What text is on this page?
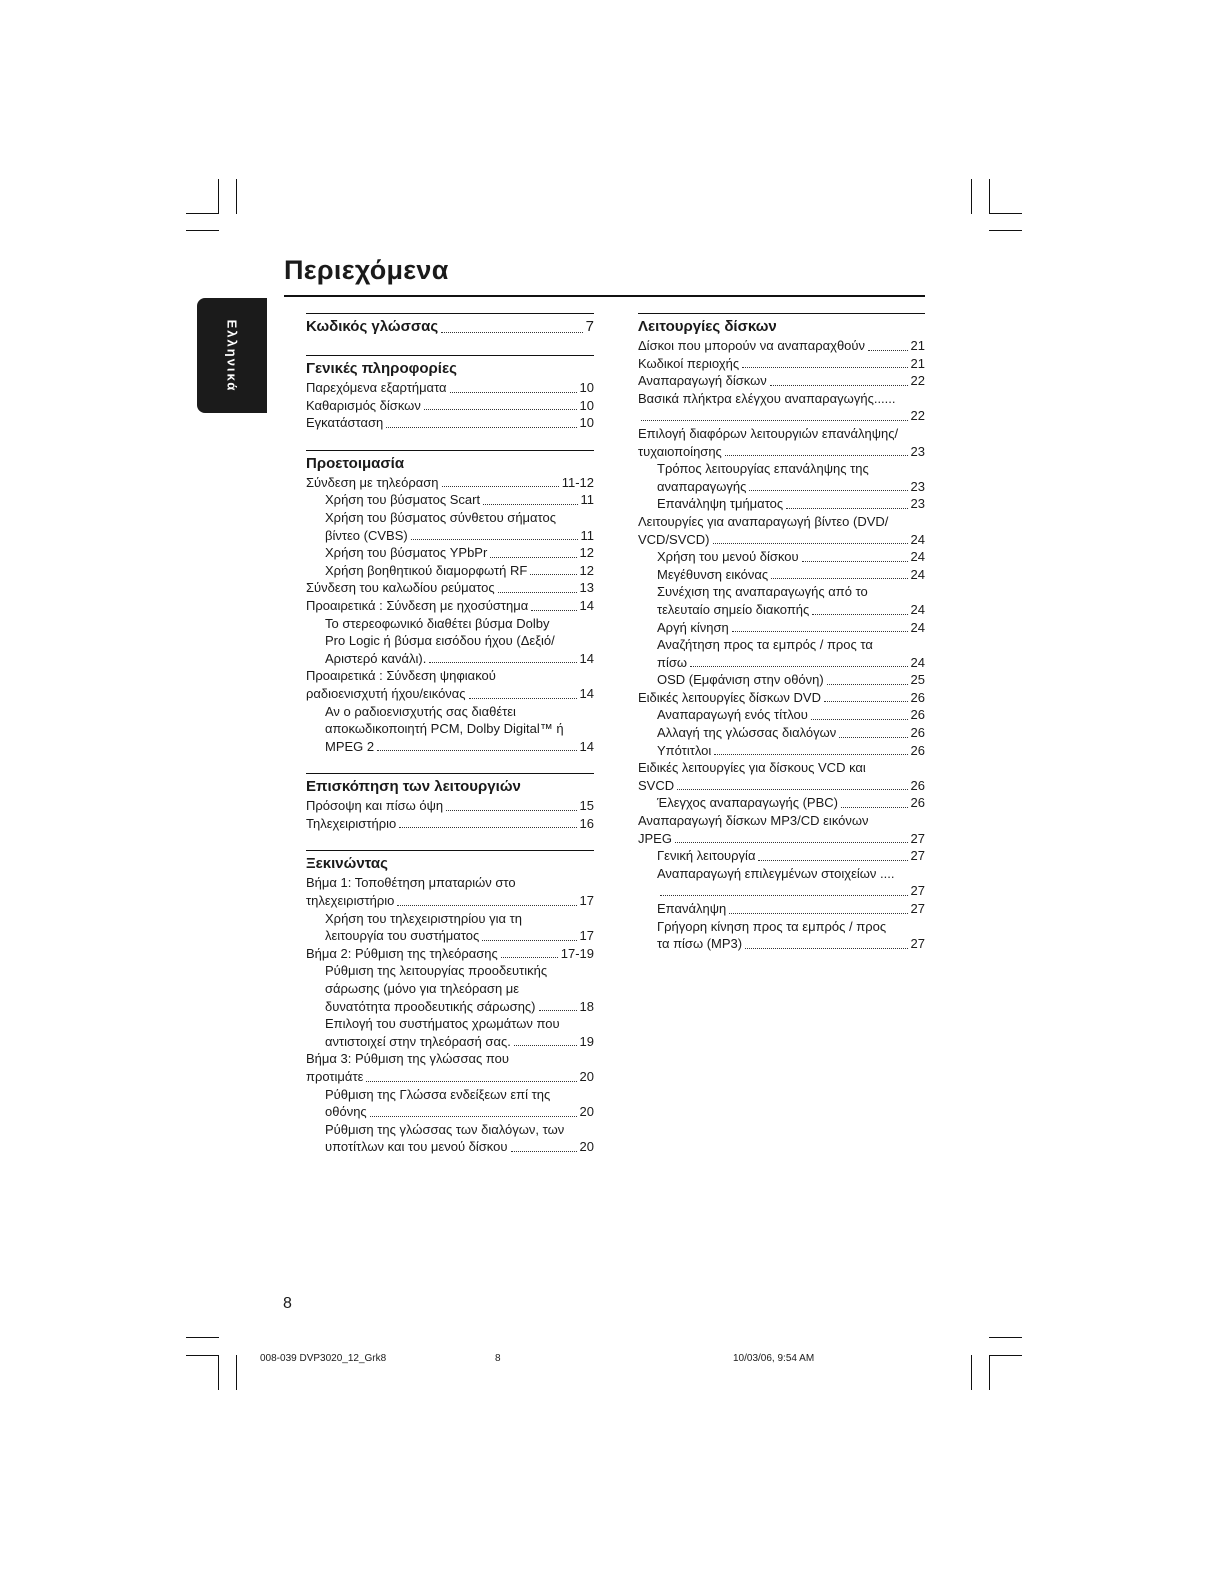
Περιεχόμενα
Ελληνικά	Κωδικός γλώσσας	7
Γενικές πληροφορίες
Παρεχόμενα εξαρτήματα	10
Καθαρισμός δίσκων	10
Εγκατάσταση	10
Προετοιμασία
Σύνδεση με τηλεόραση	11-12
Χρήση του βύσματος Scart	11
Χρήση του βύσματος σύνθετου σήματος
βίντεο (CVBS)	11
Χρήση του βύσματος YPbPr	12
Χρήση βοηθητικού διαμορφωτή RF	12
Σύνδεση του καλωδίου ρεύματος	13
Προαιρετικά : Σύνδεση με ηχοσύστημα	14
Το στερεοφωνικό διαθέτει βύσμα Dolby
Pro Logic ή βύσμα εισόδου ήχου (Δεξιό/
Αριστερό κανάλι).	14
Προαιρετικά : Σύνδεση ψηφιακού
ραδιοενισχυτή ήχου/εικόνας	14
Αν ο ραδιοενισχυτής σας διαθέτει
αποκωδικοποιητή PCM, Dolby Digital™ ή
MPEG 2	14
Επισκόπηση των λειτουργιών
Πρόσοψη και πίσω όψη	15
Τηλεχειριστήριο	16
Ξεκινώντας
Βήμα 1: Τοποθέτηση μπαταριών στο
τηλεχειριστήριο	17
Χρήση του τηλεχειριστηρίου για τη
λειτουργία του συστήματος	17
Βήμα 2: Ρύθμιση της τηλεόρασης	17-19
Ρύθμιση της λειτουργίας προοδευτικής
σάρωσης (μόνο για τηλεόραση με
δυνατότητα προοδευτικής σάρωσης)	18
Επιλογή του συστήματος χρωμάτων που
αντιστοιχεί στην τηλεόρασή σας.	19
Βήμα 3: Ρύθμιση της γλώσσας που
προτιμάτε	20
Ρύθμιση της Γλώσσα ενδείξεων επί της
οθόνης	20
Ρύθμιση της γλώσσας των διαλόγων, των
υποτίτλων και του μενού δίσκου	20
Λειτουργίες δίσκων
Δίσκοι που μπορούν να αναπαραχθούν	21
Κωδικοί περιοχής	21
Αναπαραγωγή δίσκων	22
Βασικά πλήκτρα ελέγχου αναπαραγωγής......
22
Επιλογή διαφόρων λειτουργιών επανάληψης/
τυχαιοποίησης	23
Τρόπος λειτουργίας επανάληψης της
αναπαραγωγής	23
Επανάληψη τμήματος	23
Λειτουργίες για αναπαραγωγή βίντεο (DVD/
VCD/SVCD)	24
Χρήση του μενού δίσκου	24
Μεγέθυνση εικόνας	24
Συνέχιση της αναπαραγωγής από το
τελευταίο σημείο διακοπής	24
Αργή κίνηση	24
Αναζήτηση προς τα εμπρός / προς τα
πίσω	24
OSD (Εμφάνιση στην οθόνη)	25
Ειδικές λειτουργίες δίσκων DVD	26
Αναπαραγωγή ενός τίτλου	26
Αλλαγή της γλώσσας διαλόγων	26
Υπότιτλοι	26
Ειδικές λειτουργίες για δίσκους VCD και
SVCD	26
Έλεγχος αναπαραγωγής (PBC)	26
Αναπαραγωγή δίσκων MP3/CD εικόνων
JPEG	27
Γενική λειτουργία	27
Αναπαραγωγή επιλεγμένων στοιχείων ....
27
Επανάληψη	27
Γρήγορη κίνηση προς τα εμπρός / προς
τα πίσω (MP3)	27

8

008-039 DVP3020_12_Grk8	8	10/03/06, 9:54 AM
